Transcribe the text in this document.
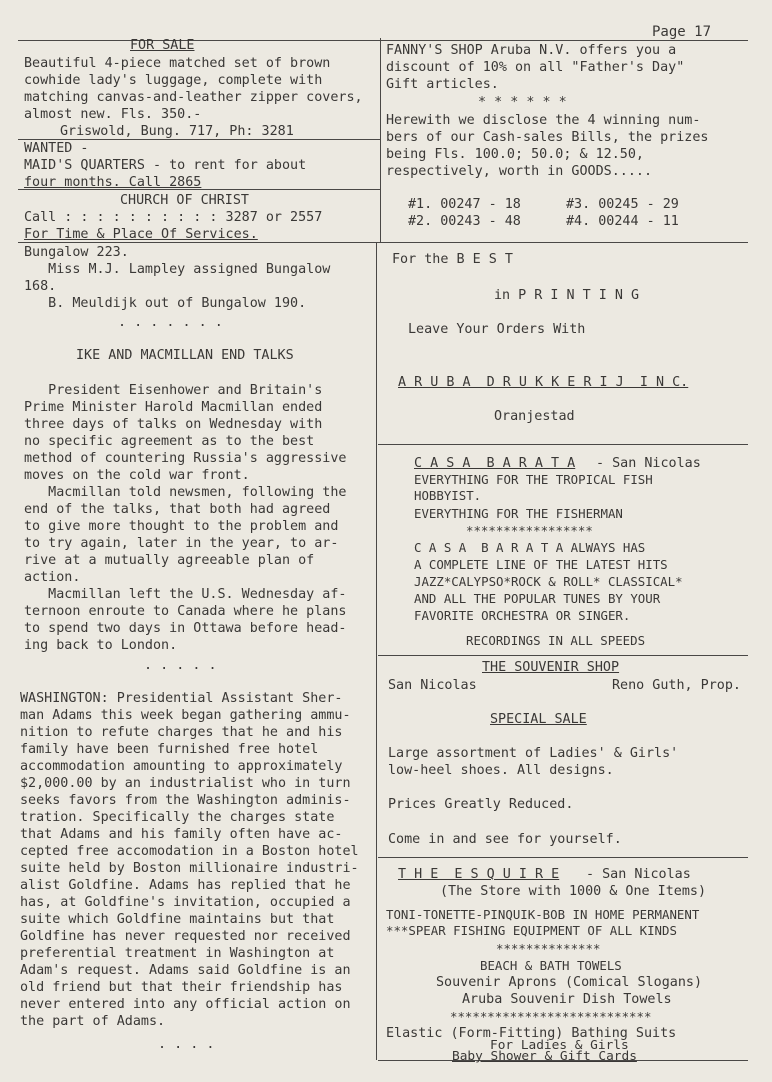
Page 17
FOR SALE
Beautiful 4-piece matched set of brown
cowhide lady's luggage, complete with
matching canvas-and-leather zipper covers,
almost new. Fls. 350.-
Griswold, Bung. 717, Ph: 3281
WANTED -
MAID'S QUARTERS - to rent for about
four months. Call 2865
CHURCH OF CHRIST
Call : : : : : : : : : : 3287 or 2557
For Time & Place Of Services.
Bungalow 223.
Miss M.J. Lampley assigned Bungalow
168.
B. Meuldijk out of Bungalow 190.
. . . . . . .
IKE AND MACMILLAN END TALKS
President Eisenhower and Britain's
Prime Minister Harold Macmillan ended
three days of talks on Wednesday with
no specific agreement as to the best
method of countering Russia's aggressive
moves on the cold war front.
Macmillan told newsmen, following the
end of the talks, that both had agreed
to give more thought to the problem and
to try again, later in the year, to ar-
rive at a mutually agreeable plan of
action.
Macmillan left the U.S. Wednesday af-
ternoon enroute to Canada where he plans
to spend two days in Ottawa before head-
ing back to London.
. . . . .
WASHINGTON: Presidential Assistant Sher-
man Adams this week began gathering ammu-
nition to refute charges that he and his
family have been furnished free hotel
accommodation amounting to approximately
$2,000.00 by an industrialist who in turn
seeks favors from the Washington adminis-
tration. Specifically the charges state
that Adams and his family often have ac-
cepted free accomodation in a Boston hotel
suite held by Boston millionaire industri-
alist Goldfine. Adams has replied that he
has, at Goldfine's invitation, occupied a
suite which Goldfine maintains but that
Goldfine has never requested nor received
preferential treatment in Washington at
Adam's request. Adams said Goldfine is an
old friend but that their friendship has
never entered into any official action on
the part of Adams.
. . . .
FANNY'S SHOP Aruba N.V. offers you a
discount of 10% on all "Father's Day"
Gift articles.
* * * * * *
Herewith we disclose the 4 winning num-
bers of our Cash-sales Bills, the prizes
being Fls. 100.0; 50.0; & 12.50,
respectively, worth in GOODS.....
#1. 00247 - 18	#3. 00245 - 29
#2. 00243 - 48	#4. 00244 - 11
For the B E S T
in P R I N T I N G
Leave Your Orders With
A R U B A  D R U K K E R I J  I N C.
Oranjestad
C A S A  B A R A T A - San Nicolas
EVERYTHING FOR THE TROPICAL FISH
HOBBYIST.
EVERYTHING FOR THE FISHERMAN
*****************
C A S A  B A R A T A ALWAYS HAS
A COMPLETE LINE OF THE LATEST HITS
JAZZ*CALYPSO*ROCK & ROLL* CLASSICAL*
AND ALL THE POPULAR TUNES BY YOUR
FAVORITE ORCHESTRA OR SINGER.
RECORDINGS IN ALL SPEEDS
THE SOUVENIR SHOP
San Nicolas	Reno Guth, Prop.
SPECIAL SALE
Large assortment of Ladies' & Girls'
low-heel shoes. All designs.
Prices Greatly Reduced.
Come in and see for yourself.
T H E  E S Q U I R E - San Nicolas
(The Store with 1000 & One Items)
TONI-TONETTE-PINQUIK-BOB IN HOME PERMANENT
***SPEAR FISHING EQUIPMENT OF ALL KINDS
**************
BEACH & BATH TOWELS
Souvenir Aprons (Comical Slogans)
Aruba Souvenir Dish Towels
***************************
Elastic (Form-Fitting) Bathing Suits
For Ladies & Girls
Baby Shower & Gift Cards
